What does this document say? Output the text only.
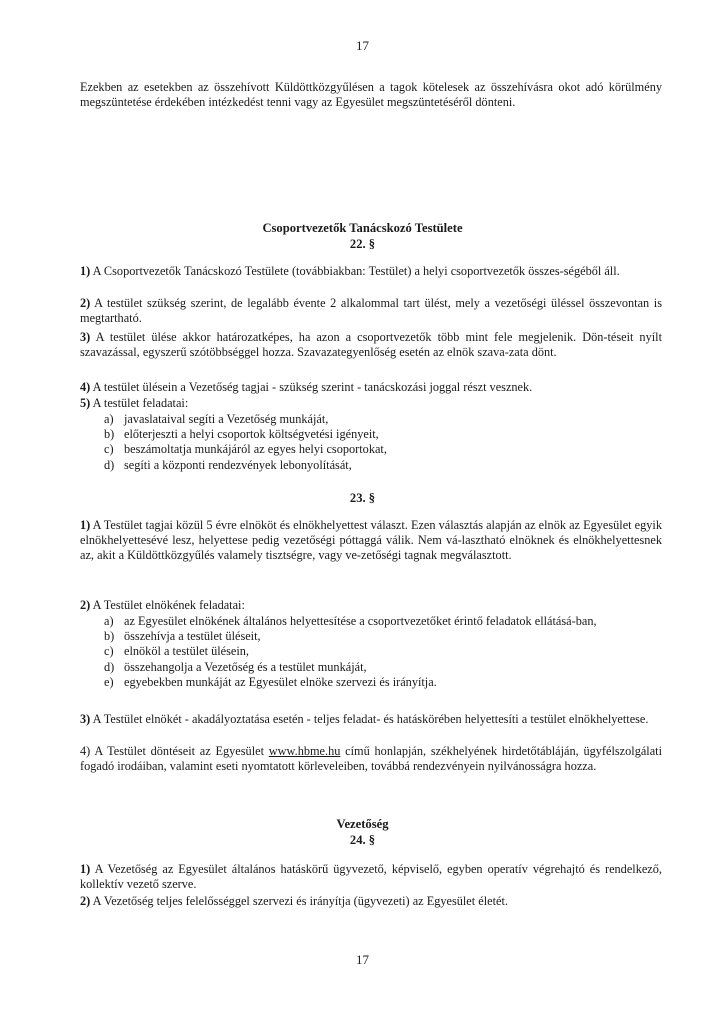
17
Ezekben az esetekben az összehívott Küldöttközgyűlésen a tagok kötelesek az összehívásra okot adó körülmény megszüntetése érdekében intézkedést tenni vagy az Egyesület megszüntetéséről dönteni.
Csoportvezetők Tanácskozó Testülete
22. §
1) A Csoportvezetők Tanácskozó Testülete (továbbiakban: Testület) a helyi csoportvezetők összes-ségéből áll.
2) A testület szükség szerint, de legalább évente 2 alkalommal tart ülést, mely a vezetőségi üléssel összevontan is megtartható.
3) A testület ülése akkor határozatképes, ha azon a csoportvezetők több mint fele megjelenik. Dön-téseit nyílt szavazással, egyszerű szótöbbséggel hozza. Szavazategyenlőség esetén az elnök szava-zata dönt.
4) A testület ülésein a Vezetőség tagjai - szükség szerint - tanácskozási joggal részt vesznek.
5) A testület feladatai:
a) javaslataival segíti a Vezetőség munkáját,
b) előterjeszti a helyi csoportok költségvetési igényeit,
c) beszámoltatja munkájáról az egyes helyi csoportokat,
d) segíti a központi rendezvények lebonyolítását,
23. §
1) A Testület tagjai közül 5 évre elnököt és elnökhelyettest választ. Ezen választás alapján az elnök az Egyesület egyik elnökhelyettesévé lesz, helyettese pedig vezetőségi póttaggá válik. Nem vá-lasztható elnöknek és elnökhelyettesnek az, akit a Küldöttközgyűlés valamely tisztségre, vagy ve-zetőségi tagnak megválasztott.
2) A Testület elnökének feladatai:
a) az Egyesület elnökének általános helyettesítése a csoportvezetőket érintő feladatok ellátásá-ban,
b) összehívja a testület üléseit,
c) elnököl a testület ülésein,
d) összehangolja a Vezetőség és a testület munkáját,
e) egyebekben munkáját az Egyesület elnöke szervezi és irányítja.
3) A Testület elnökét - akadályoztatása esetén - teljes feladat- és hatáskörében helyettesíti a testület elnökhelyettese.
4) A Testület döntéseit az Egyesület www.hbme.hu című honlapján, székhelyének hirdetőtábláján, ügyfélszolgálati fogadó irodáiban, valamint eseti nyomtatott körleveleiben, továbbá rendezvényein nyilvánosságra hozza.
Vezetőség
24. §
1) A Vezetőség az Egyesület általános hatáskörű ügyvezető, képviselő, egyben operatív végrehajtó és rendelkező, kollektív vezető szerve.
2) A Vezetőség teljes felelősséggel szervezi és irányítja (ügyvezeti) az Egyesület életét.
17
